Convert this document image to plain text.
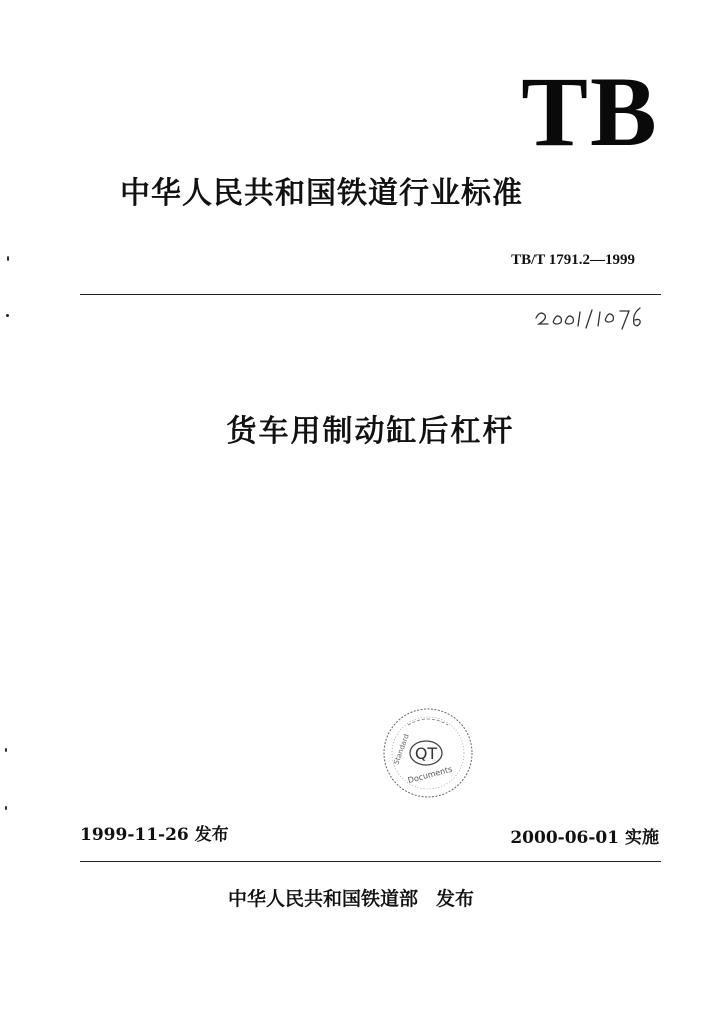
TB
中华人民共和国铁道行业标准
TB/T 1791.2—1999
货车用制动缸后杠杆
QT
Documents
Standard
1999-11-26 发布	2000-06-01 实施
中华人民共和国铁道部 发布
